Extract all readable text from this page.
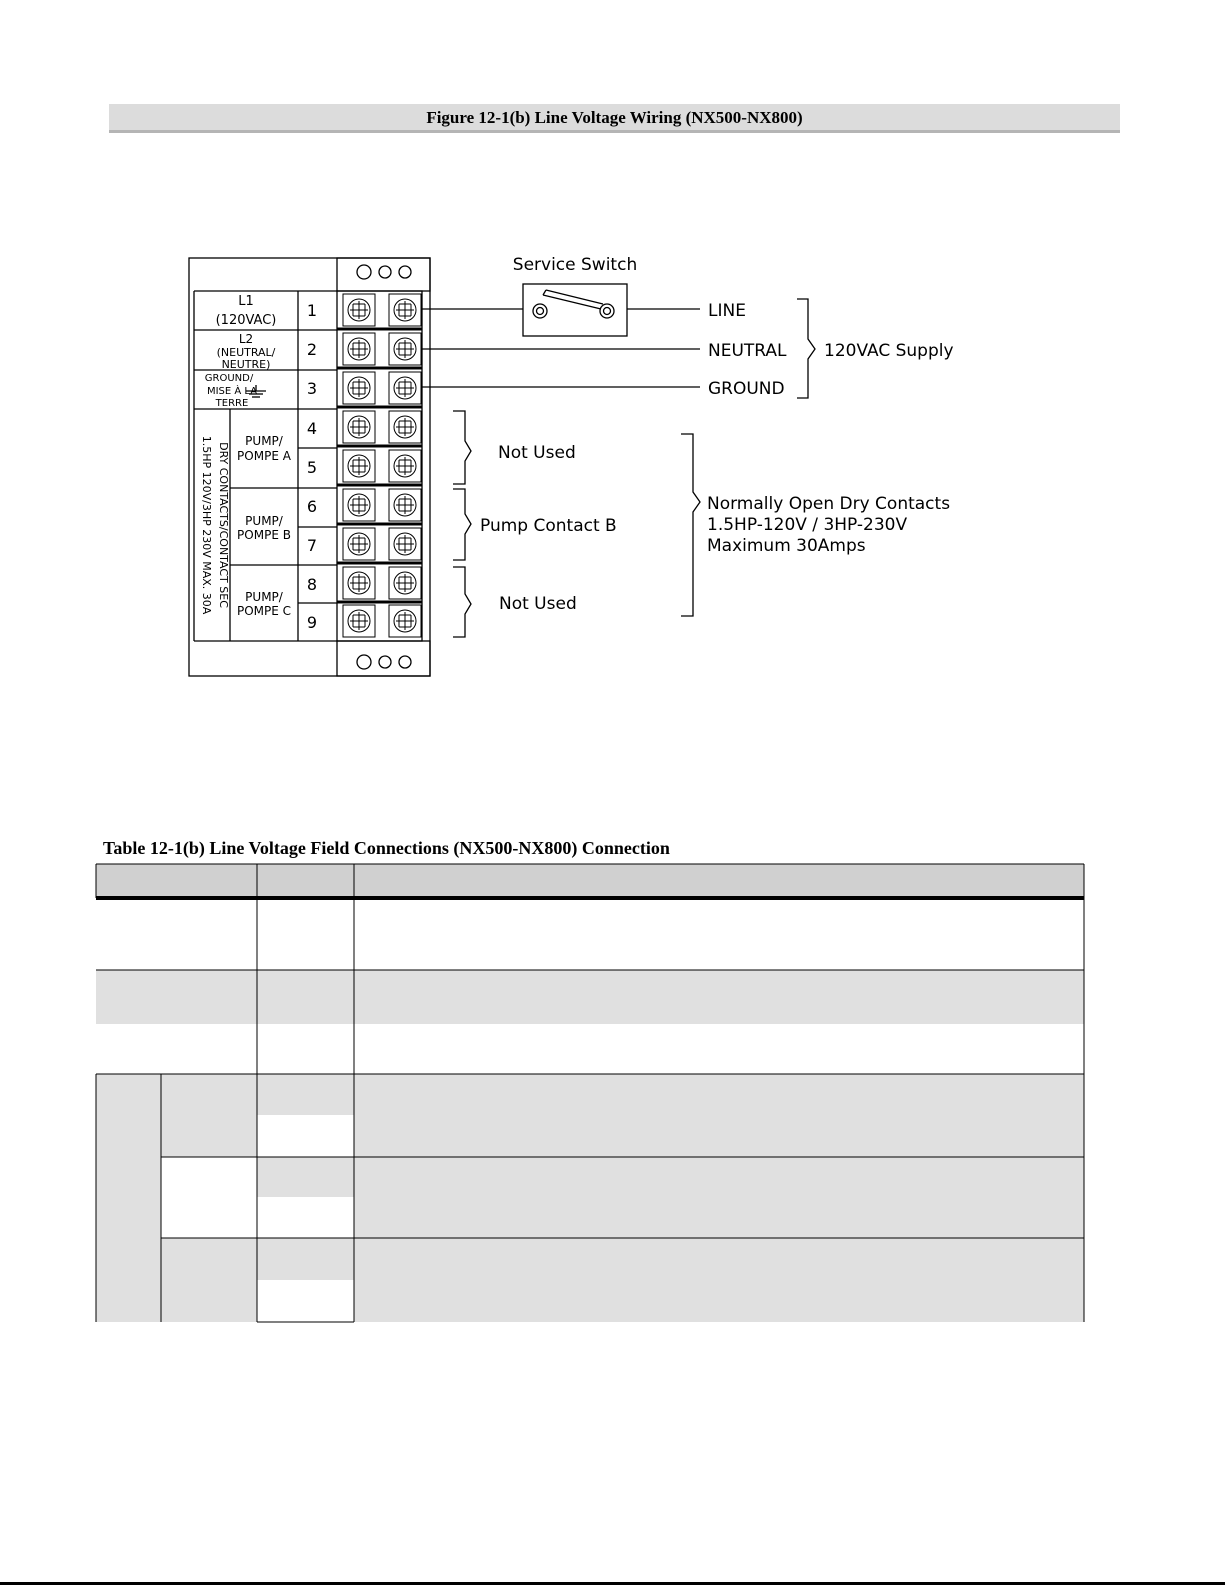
Figure 12-1(b) Line Voltage Wiring (NX500-NX800)
Service Switch
L1
(120VAC)
L2
(NEUTRAL/
NEUTRE)
GROUND/
MISE À LA
TERRE
PUMP/
POMPE A
PUMP/
POMPE B
PUMP/
POMPE C
DRY CONTACTS/CONTACT SEC
1.5HP 120V/3HP 230V MAX. 30A
1
2
3
4
5
6
7
8
9
LINE
NEUTRAL
GROUND
120VAC Supply
Not Used
Pump Contact B
Not Used
Normally Open Dry Contacts
1.5HP-120V / 3HP-230V
Maximum 30Amps
Table 12-1(b) Line Voltage Field Connections (NX500-NX800) Connection
